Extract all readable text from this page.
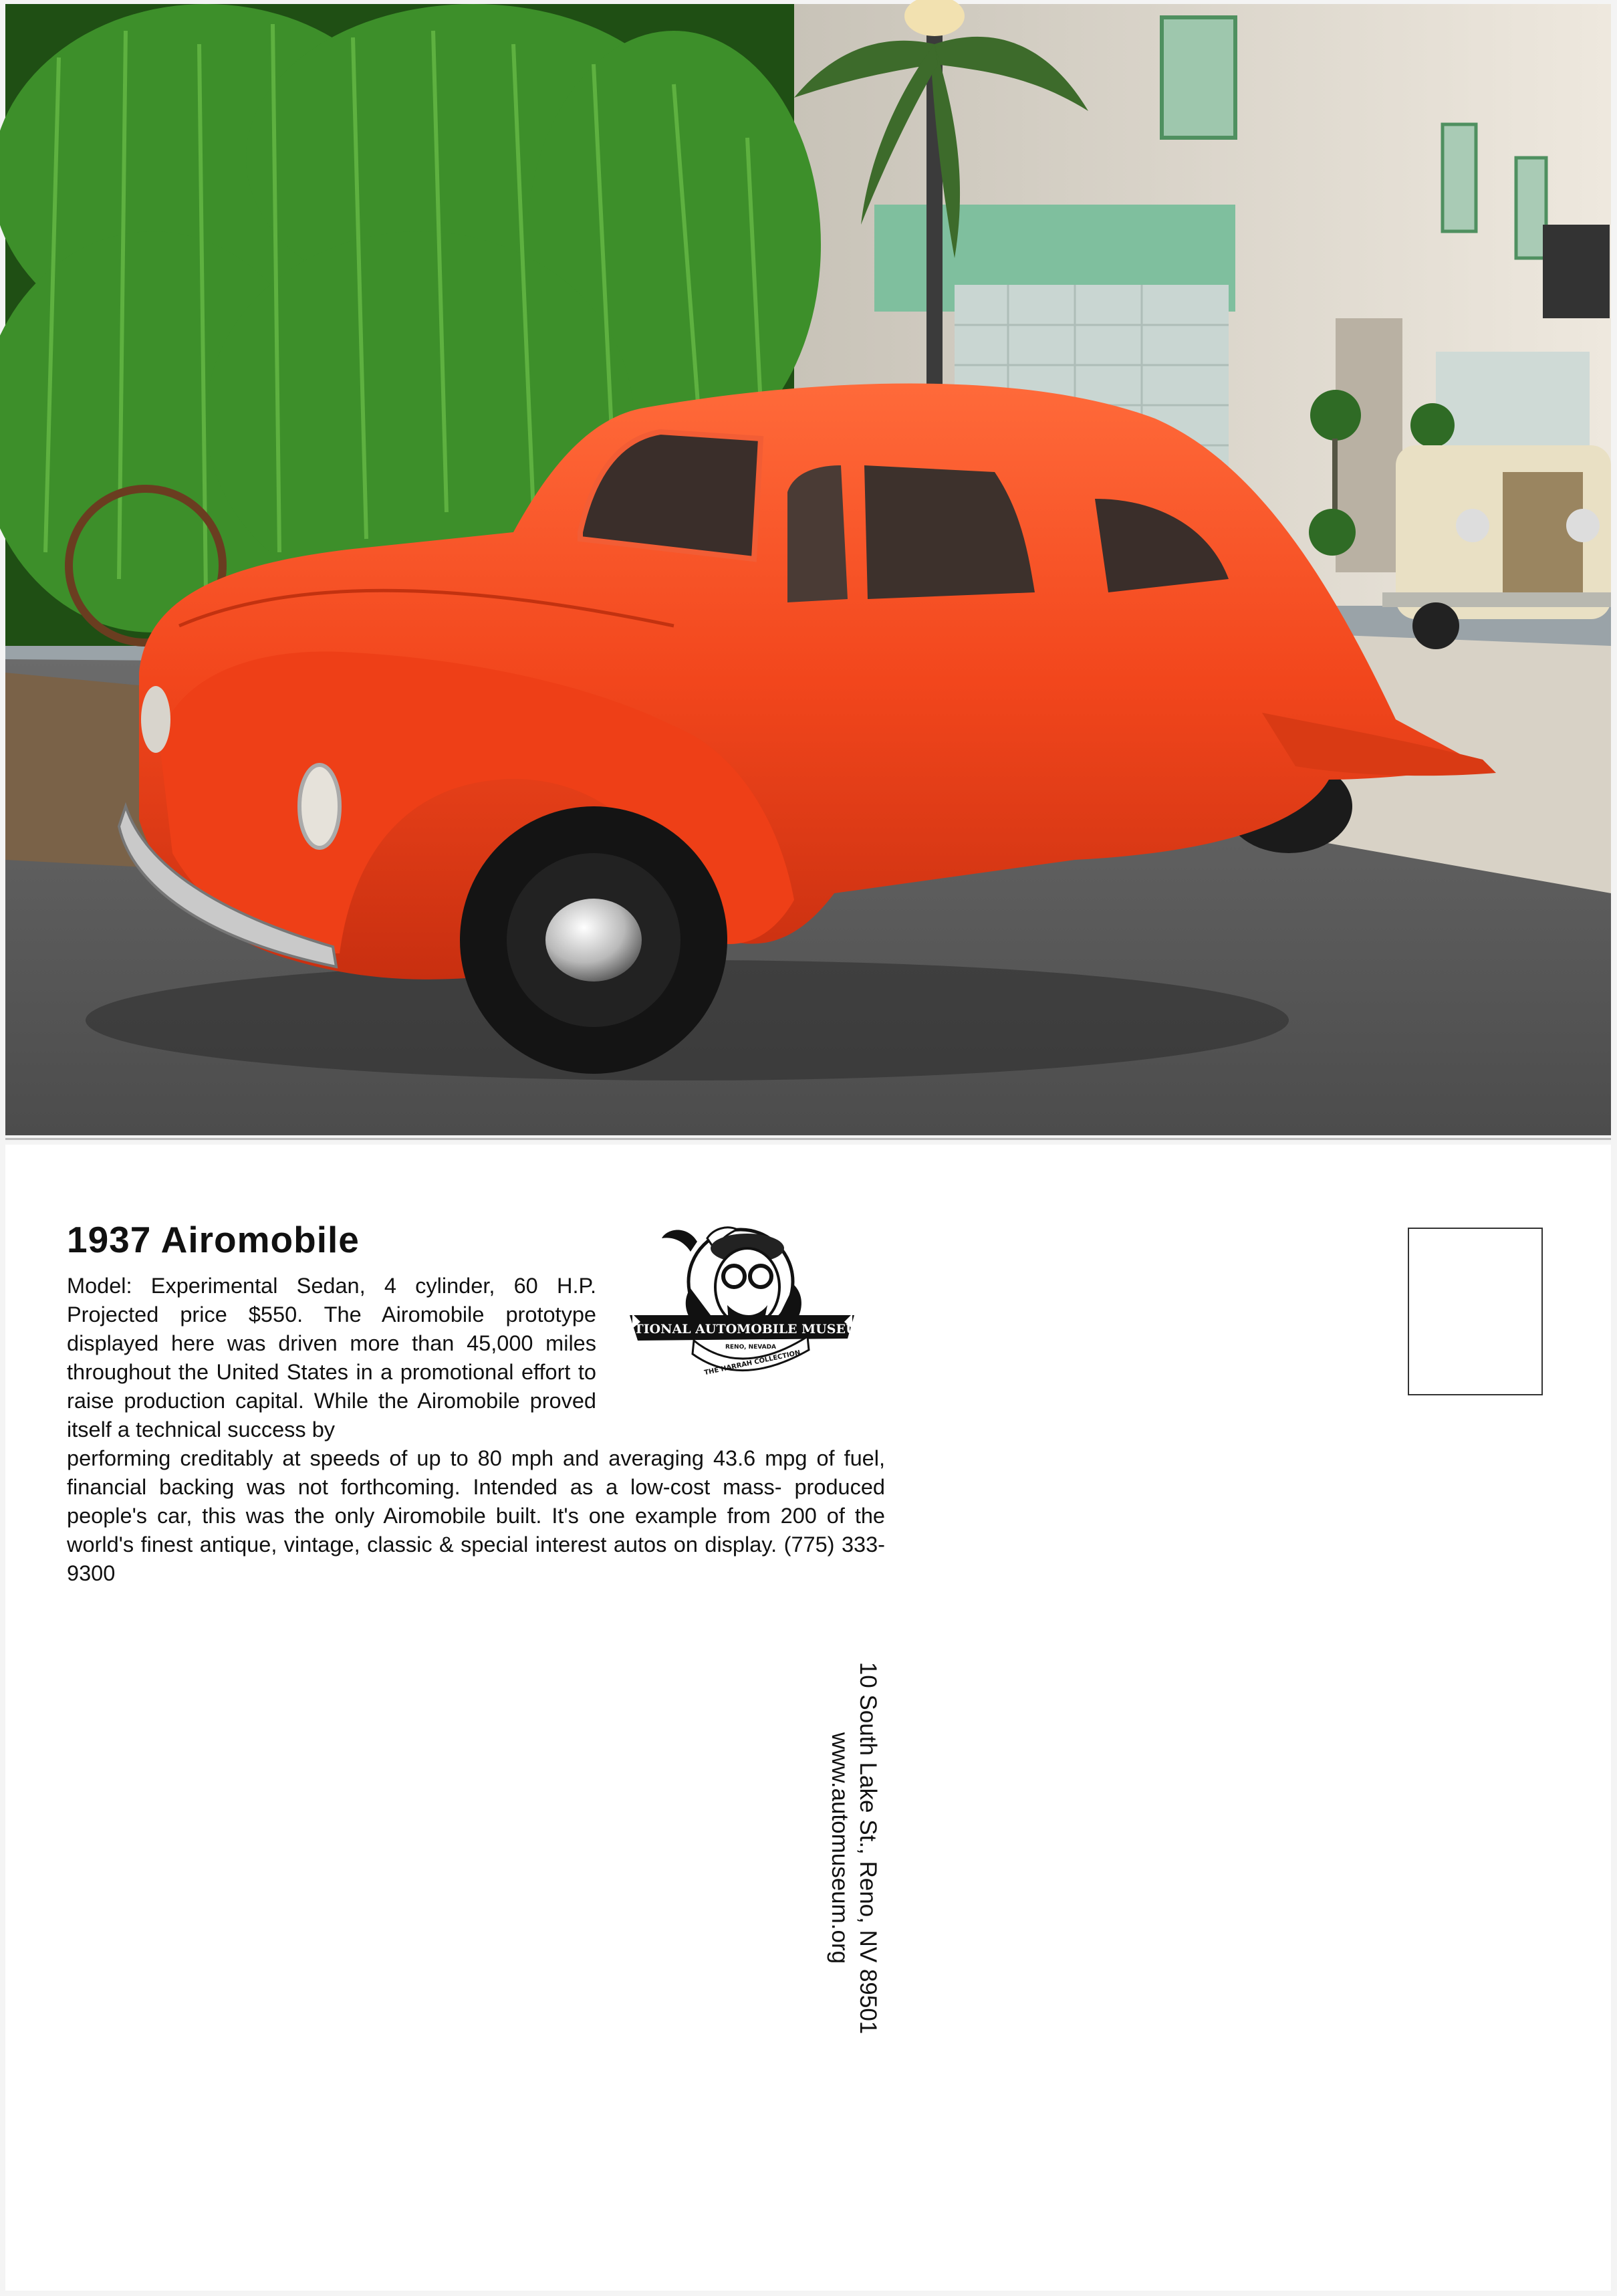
1937 Airomobile
Model: Experimental Sedan, 4 cylinder, 60 H.P. Projected price $550. The Airomobile prototype displayed here was driven more than 45,000 miles throughout the United States in a promotional effort to raise production capital. While the Airomobile proved itself a technical success by
performing creditably at speeds of up to 80 mph and averaging 43.6 mpg of fuel, financial backing was not forthcoming. Intended as a low-cost mass- produced people's car, this was the only Airomobile built. It's one example from 200 of the world's finest antique, vintage, classic & special interest autos on display. (775) 333-9300
NATIONAL AUTOMOBILE MUSEUM
RENO, NEVADA
THE HARRAH COLLECTION
10 South Lake St., Reno, NV 89501
www.automuseum.org
